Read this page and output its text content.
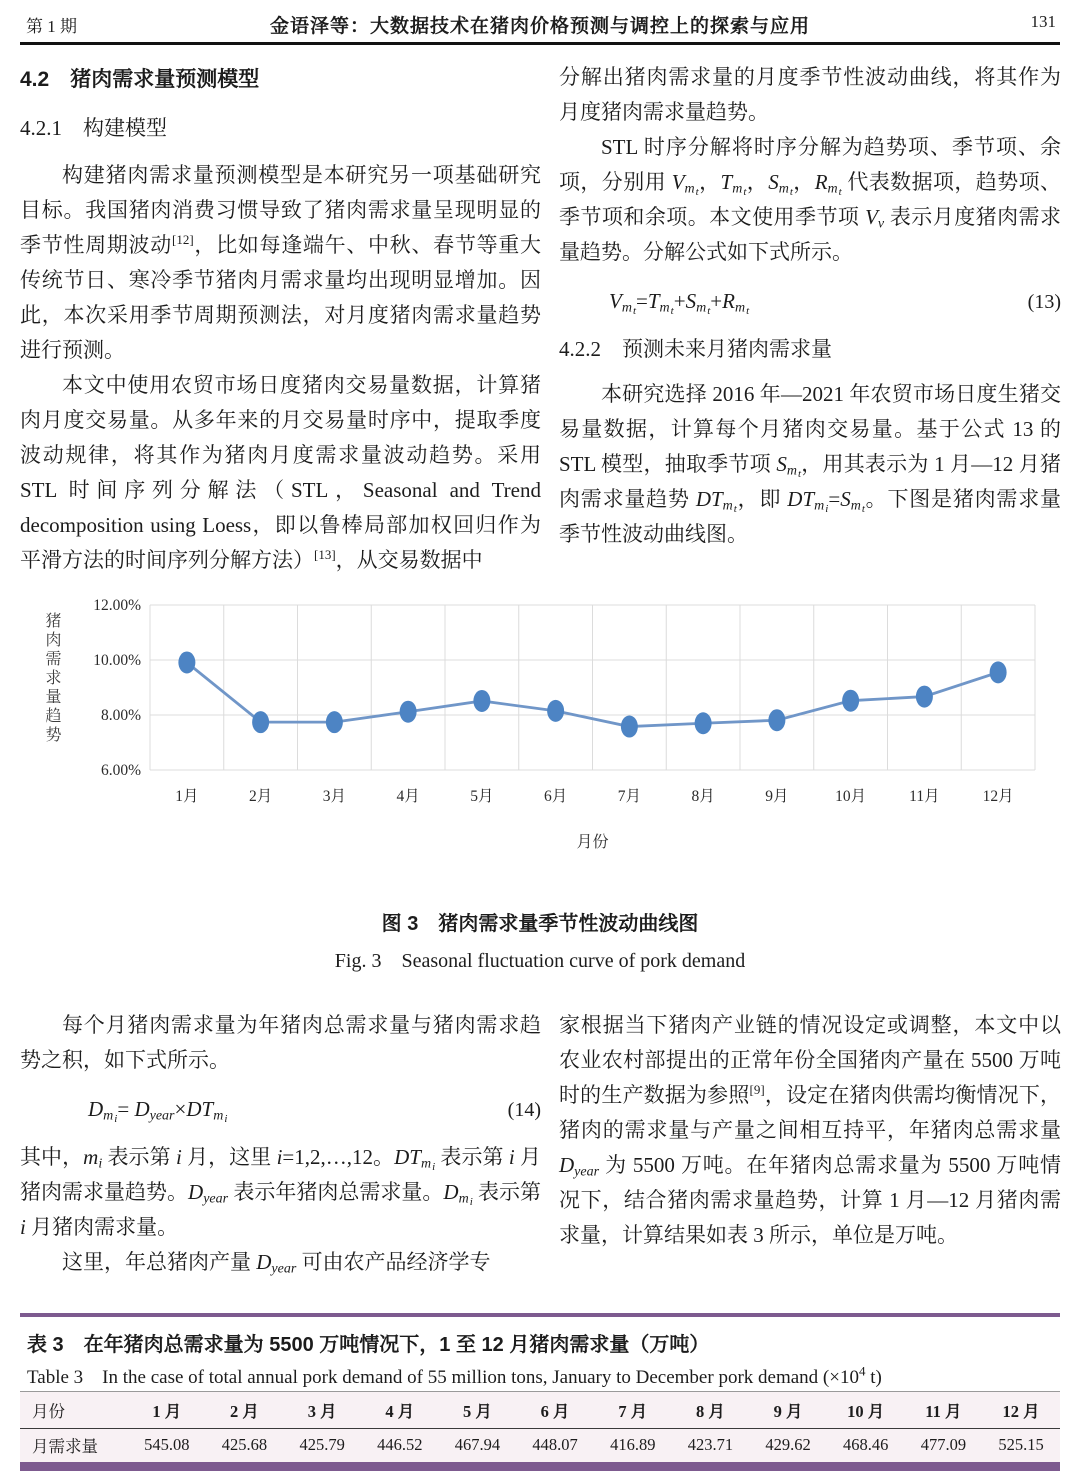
第 1 期	金语泽等：大数据技术在猪肉价格预测与调控上的探索与应用	131

4.2　猪肉需求量预测模型

4.2.1　构建模型

构建猪肉需求量预测模型是本研究另一项基础研究目标。我国猪肉消费习惯导致了猪肉需求量呈现明显的季节性周期波动[12]，比如每逢端午、中秋、春节等重大传统节日、寒冷季节猪肉月需求量均出现明显增加。因此，本次采用季节周期预测法，对月度猪肉需求量趋势进行预测。

本文中使用农贸市场日度猪肉交易量数据，计算猪肉月度交易量。从多年来的月交易量时序中，提取季度波动规律，将其作为猪肉月度需求量波动趋势。采用 STL 时间序列分解法（STL，Seasonal and Trend decomposition using Loess，即以鲁棒局部加权回归作为平滑方法的时间序列分解方法）[13]，从交易数据中

分解出猪肉需求量的月度季节性波动曲线，将其作为月度猪肉需求量趋势。

STL 时序分解将时序分解为趋势项、季节项、余项，分别用 $V_{mt}$，$T_{mt}$，$S_{mt}$，$R_{mt}$ 代表数据项，趋势项、季节项和余项。本文使用季节项 $V_v$ 表示月度猪肉需求量趋势。分解公式如下式所示。

$V_{mt}=T_{mt}+S_{mt}+R_{mt}$	(13)

4.2.2　预测未来月猪肉需求量

本研究选择 2016 年—2021 年农贸市场日度生猪交易量数据，计算每个月猪肉交易量。基于公式 13 的 STL 模型，抽取季节项 $S_{mt}$，用其表示为 1 月—12 月猪肉需求量趋势 $DT_{mt}$，即 $DT_{mi}=S_{mt}$。下图是猪肉需求量季节性波动曲线图。

6.00%
8.00%
10.00%
12.00%
1月	2月	3月	4月	5月	6月	7月	8月	9月	10月	11月	12月
月份
猪肉需求量趋势
图 3　猪肉需求量季节性波动曲线图
Fig. 3　Seasonal fluctuation curve of pork demand

每个月猪肉需求量为年猪肉总需求量与猪肉需求趋势之积，如下式所示。

$D_{mi}= D_{year}\times DT_{mi}$	(14)

其中，$m_i$ 表示第 i 月，这里 i=1,2,…,12。$DT_{mi}$ 表示第 i 月猪肉需求量趋势。$D_{year}$ 表示年猪肉总需求量。$D_{mi}$ 表示第 i 月猪肉需求量。

这里，年总猪肉产量 $D_{year}$ 可由农产品经济学专

家根据当下猪肉产业链的情况设定或调整，本文中以农业农村部提出的正常年份全国猪肉产量在 5500 万吨时的生产数据为参照[9]，设定在猪肉供需均衡情况下，猪肉的需求量与产量之间相互持平，年猪肉总需求量 $D_{year}$ 为 5500 万吨。在年猪肉总需求量为 5500 万吨情况下，结合猪肉需求量趋势，计算 1 月—12 月猪肉需求量，计算结果如表 3 所示，单位是万吨。

表 3　在年猪肉总需求量为 5500 万吨情况下，1 至 12 月猪肉需求量（万吨）
Table 3　In the case of total annual pork demand of 55 million tons, January to December pork demand ($\times 10^4$ t)
月份	1 月	2 月	3 月	4 月	5 月	6 月	7 月	8 月	9 月	10 月	11 月	12 月
月需求量	545.08	425.68	425.79	446.52	467.94	448.07	416.89	423.71	429.62	468.46	477.09	525.15
